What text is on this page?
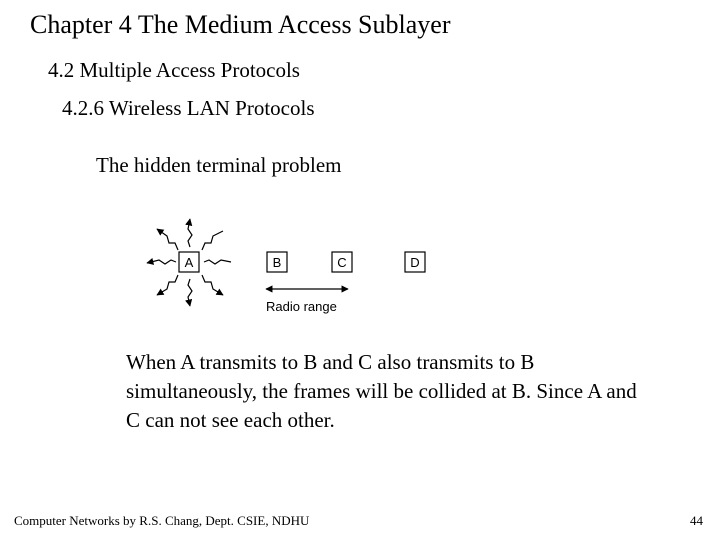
Chapter 4 The Medium Access Sublayer
4.2 Multiple Access Protocols
4.2.6 Wireless LAN Protocols
The hidden terminal problem
A	B	C	D
Radio range
When A transmits to B and C also transmits to B
simultaneously, the frames will be collided at B. Since A and
C can not see each other.
Computer Networks by R.S. Chang, Dept. CSIE, NDHU	44
